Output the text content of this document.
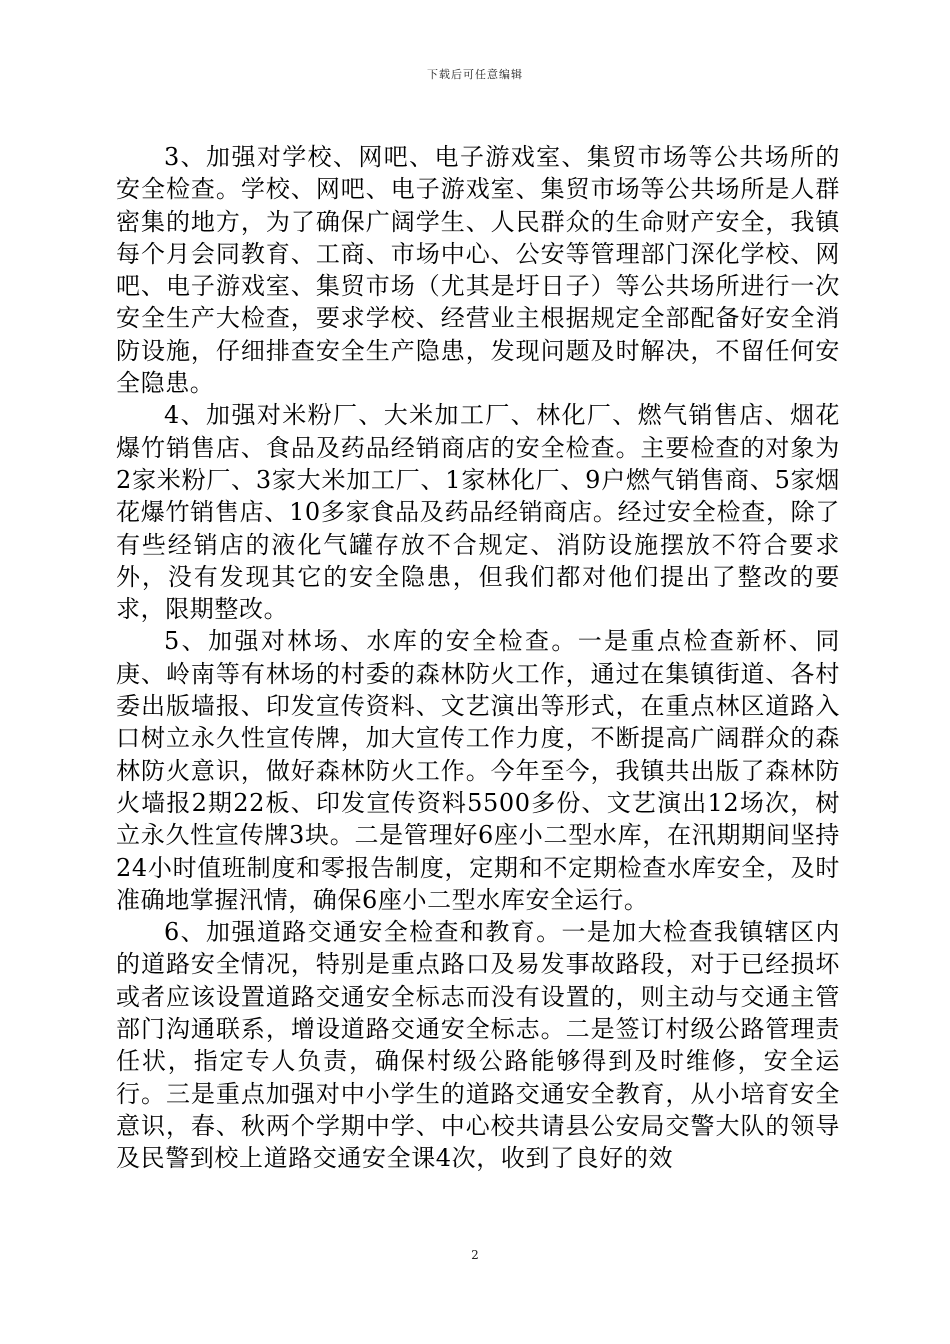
下载后可任意编辑

3、加强对学校、网吧、电子游戏室、集贸市场等公共场所的安全检查。学校、网吧、电子游戏室、集贸市场等公共场所是人群密集的地方，为了确保广阔学生、人民群众的生命财产安全，我镇每个月会同教育、工商、市场中心、公安等管理部门深化学校、网吧、电子游戏室、集贸市场（尤其是圩日子）等公共场所进行一次安全生产大检查，要求学校、经营业主根据规定全部配备好安全消防设施，仔细排查安全生产隐患，发现问题及时解决，不留任何安全隐患。

4、加强对米粉厂、大米加工厂、林化厂、燃气销售店、烟花爆竹销售店、食品及药品经销商店的安全检查。主要检查的对象为2家米粉厂、3家大米加工厂、1家林化厂、9户燃气销售商、5家烟花爆竹销售店、10多家食品及药品经销商店。经过安全检查，除了有些经销店的液化气罐存放不合规定、消防设施摆放不符合要求外，没有发现其它的安全隐患，但我们都对他们提出了整改的要求，限期整改。

5、加强对林场、水库的安全检查。一是重点检查新杯、同庚、岭南等有林场的村委的森林防火工作，通过在集镇街道、各村委出版墙报、印发宣传资料、文艺演出等形式，在重点林区道路入口树立永久性宣传牌，加大宣传工作力度，不断提高广阔群众的森林防火意识，做好森林防火工作。今年至今，我镇共出版了森林防火墙报2期22板、印发宣传资料5500多份、文艺演出12场次，树立永久性宣传牌3块。二是管理好6座小二型水库，在汛期期间坚持24小时值班制度和零报告制度，定期和不定期检查水库安全，及时准确地掌握汛情，确保6座小二型水库安全运行。

6、加强道路交通安全检查和教育。一是加大检查我镇辖区内的道路安全情况，特别是重点路口及易发事故路段，对于已经损坏或者应该设置道路交通安全标志而没有设置的，则主动与交通主管部门沟通联系，增设道路交通安全标志。二是签订村级公路管理责任状，指定专人负责，确保村级公路能够得到及时维修，安全运行。三是重点加强对中小学生的道路交通安全教育，从小培育安全意识，春、秋两个学期中学、中心校共请县公安局交警大队的领导及民警到校上道路交通安全课4次，收到了良好的效

2
